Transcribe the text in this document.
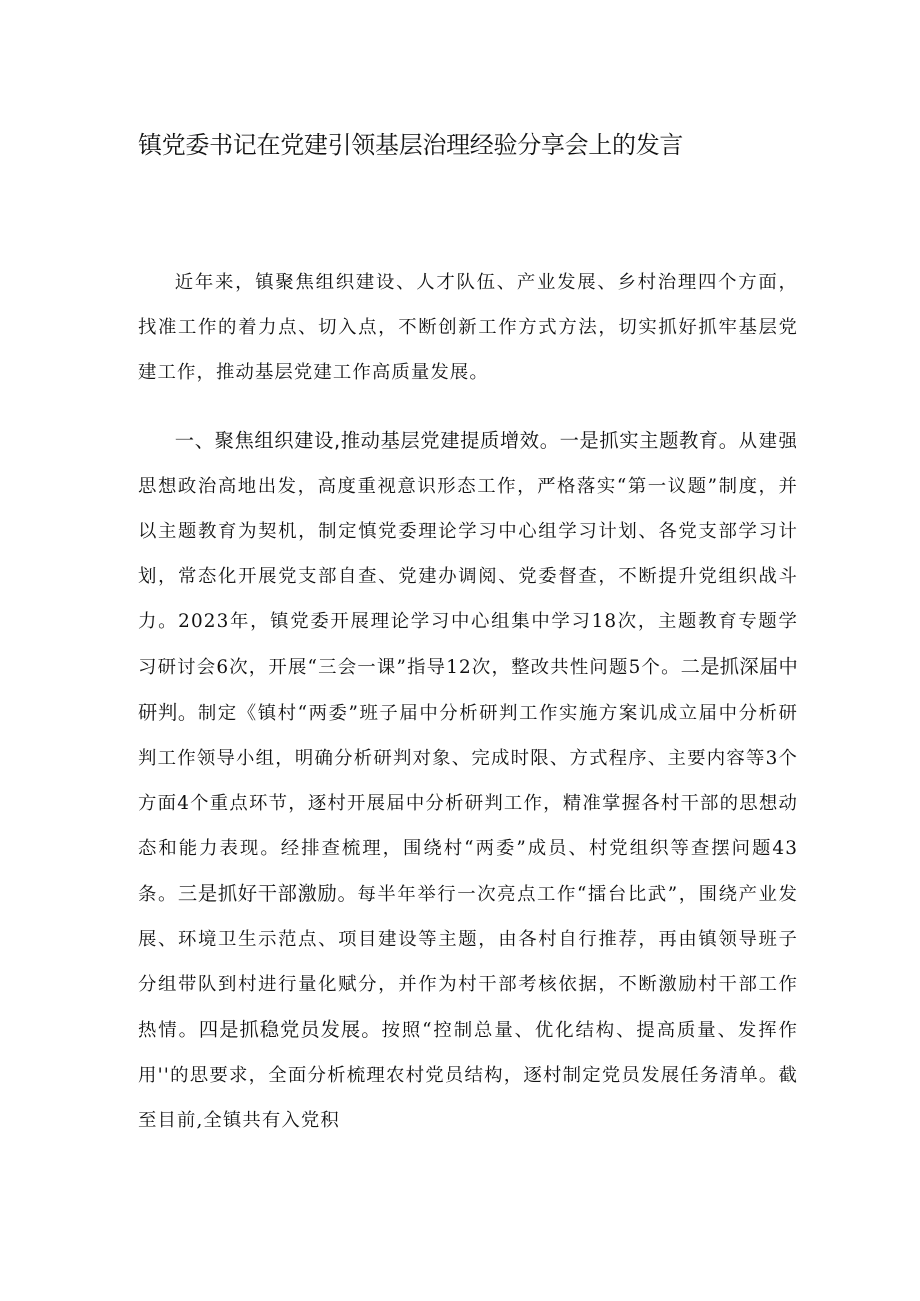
镇党委书记在党建引领基层治理经验分享会上的发言

近年来，镇聚焦组织建设、人才队伍、产业发展、乡村治理四个方面，找准工作的着力点、切入点，不断创新工作方式方法，切实抓好抓牢基层党建工作，推动基层党建工作高质量发展。

一、聚焦组织建设,推动基层党建提质增效。一是抓实主题教育。从建强思想政治高地出发，高度重视意识形态工作，严格落实“第一议题”制度，并以主题教育为契机，制定慎党委理论学习中心组学习计划、各党支部学习计划，常态化开展党支部自查、党建办调阅、党委督查，不断提升党组织战斗力。2023年，镇党委开展理论学习中心组集中学习18次，主题教育专题学习研讨会6次，开展“三会一课”指导12次，整改共性问题5个。二是抓深届中研判。制定《镇村“两委”班子届中分析研判工作实施方案讥成立届中分析研判工作领导小组，明确分析研判对象、完成时限、方式程序、主要内容等3个方面4个重点环节，逐村开展届中分析研判工作，精准掌握各村干部的思想动态和能力表现。经排查梳理，围绕村“两委”成员、村党组织等查摆问题43条。三是抓好干部激励。每半年举行一次亮点工作“擂台比武”，围绕产业发展、环境卫生示范点、项目建设等主题，由各村自行推荐，再由镇领导班子分组带队到村进行量化赋分，并作为村干部考核依据，不断激励村干部工作热情。四是抓稳党员发展。按照“控制总量、优化结构、提高质量、发挥作用''的思要求，全面分析梳理农村党员结构，逐村制定党员发展任务清单。截至目前,全镇共有入党积
